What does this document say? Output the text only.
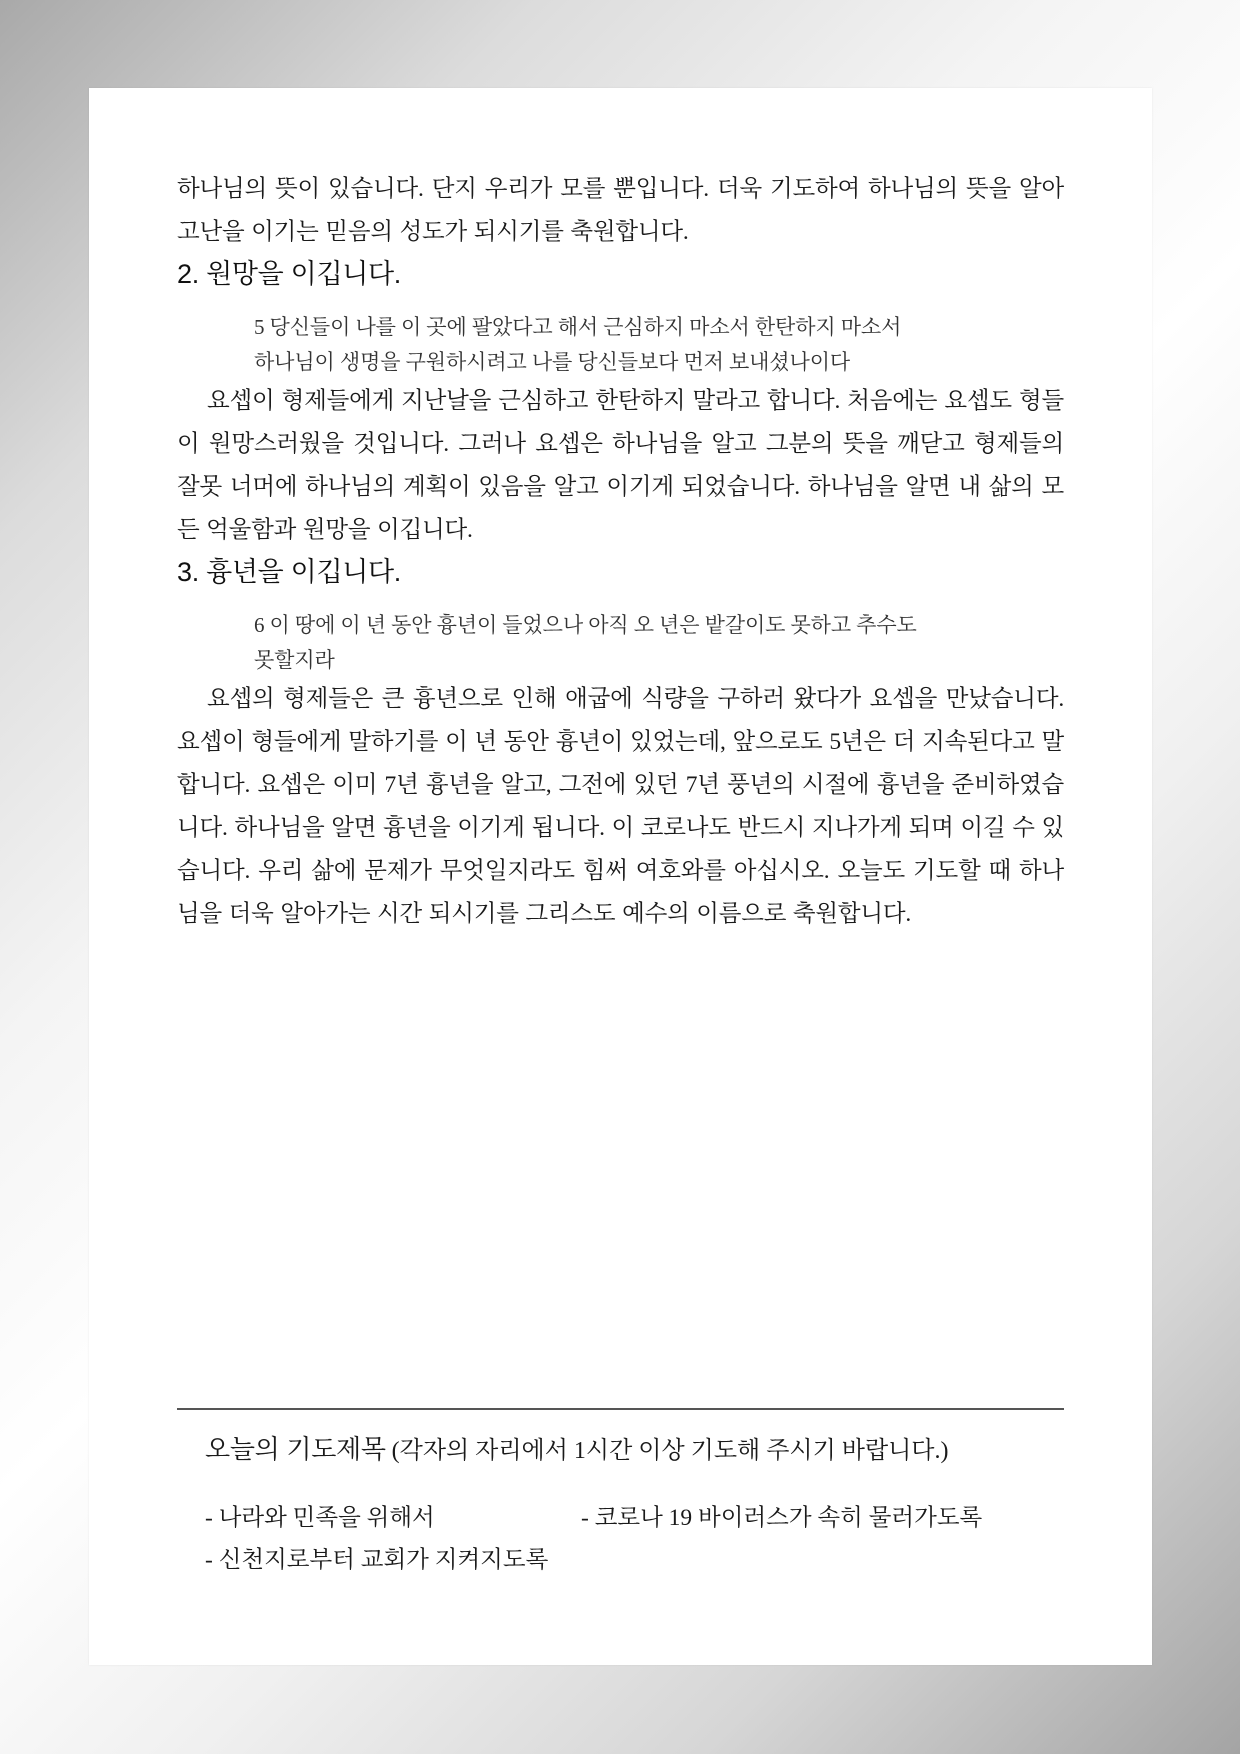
하나님의 뜻이 있습니다. 단지 우리가 모를 뿐입니다. 더욱 기도하여 하나님의 뜻을 알아 고난을 이기는 믿음의 성도가 되시기를 축원합니다.

2. 원망을 이깁니다.
5 당신들이 나를 이 곳에 팔았다고 해서 근심하지 마소서 한탄하지 마소서
하나님이 생명을 구원하시려고 나를 당신들보다 먼저 보내셨나이다

요셉이 형제들에게 지난날을 근심하고 한탄하지 말라고 합니다. 처음에는 요셉도 형들이 원망스러웠을 것입니다. 그러나 요셉은 하나님을 알고 그분의 뜻을 깨닫고 형제들의 잘못 너머에 하나님의 계획이 있음을 알고 이기게 되었습니다. 하나님을 알면 내 삶의 모든 억울함과 원망을 이깁니다.

3. 흉년을 이깁니다.
6 이 땅에 이 년 동안 흉년이 들었으나 아직 오 년은 밭갈이도 못하고 추수도
못할지라

요셉의 형제들은 큰 흉년으로 인해 애굽에 식량을 구하러 왔다가 요셉을 만났습니다. 요셉이 형들에게 말하기를 이 년 동안 흉년이 있었는데, 앞으로도 5년은 더 지속된다고 말합니다. 요셉은 이미 7년 흉년을 알고, 그전에 있던 7년 풍년의 시절에 흉년을 준비하였습니다. 하나님을 알면 흉년을 이기게 됩니다. 이 코로나도 반드시 지나가게 되며 이길 수 있습니다. 우리 삶에 문제가 무엇일지라도 힘써 여호와를 아십시오. 오늘도 기도할 때 하나님을 더욱 알아가는 시간 되시기를 그리스도 예수의 이름으로 축원합니다.

오늘의 기도제목 (각자의 자리에서 1시간 이상 기도해 주시기 바랍니다.)

- 나라와 민족을 위해서	- 코로나 19 바이러스가 속히 물러가도록
- 신천지로부터 교회가 지켜지도록
